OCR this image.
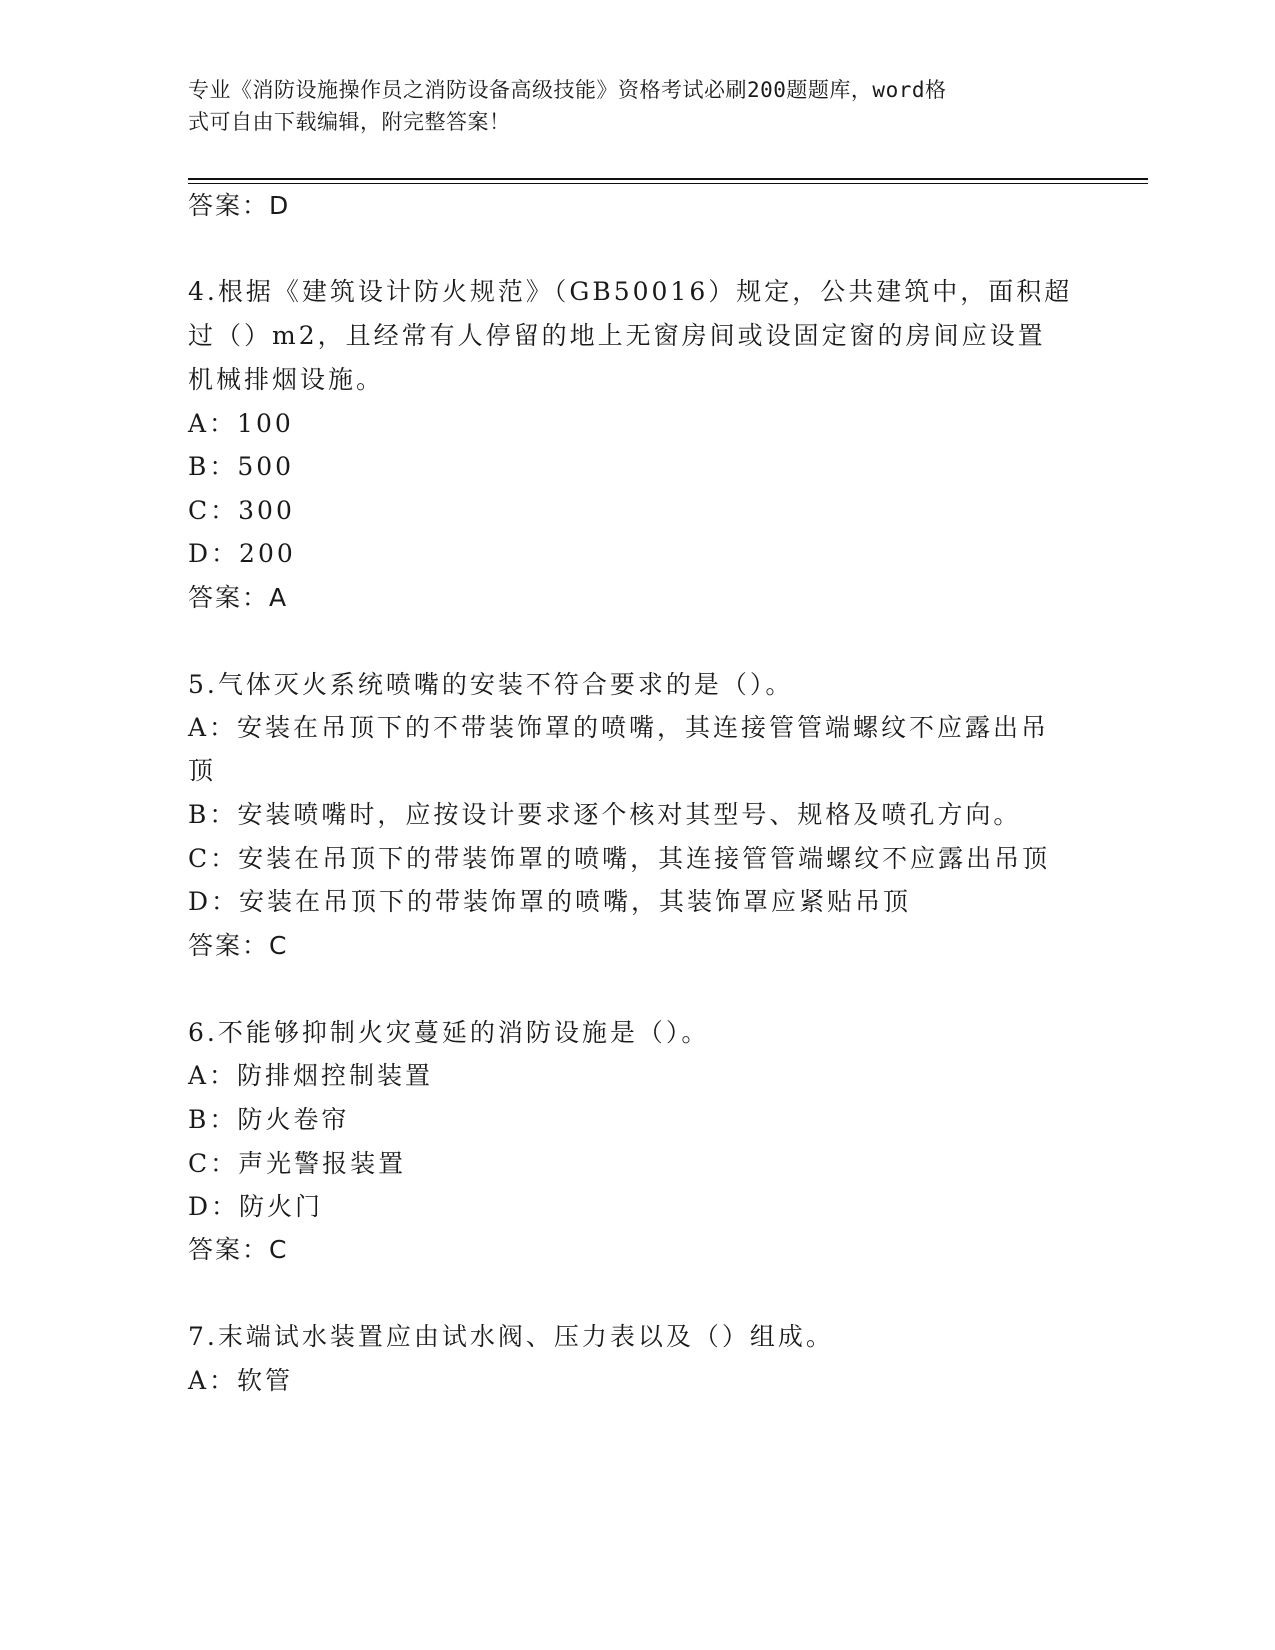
专业《消防设施操作员之消防设备高级技能》资格考试必刷200题题库，word格
式可自由下载编辑，附完整答案！
答案：D
4.根据《建筑设计防火规范》（GB50016）规定，公共建筑中，面积超
过（）m2，且经常有人停留的地上无窗房间或设固定窗的房间应设置
机械排烟设施。
A：100
B：500
C：300
D：200
答案：A
5.气体灭火系统喷嘴的安装不符合要求的是（）。
A：安装在吊顶下的不带装饰罩的喷嘴，其连接管管端螺纹不应露出吊
顶
B：安装喷嘴时，应按设计要求逐个核对其型号、规格及喷孔方向。
C：安装在吊顶下的带装饰罩的喷嘴，其连接管管端螺纹不应露出吊顶
D：安装在吊顶下的带装饰罩的喷嘴，其装饰罩应紧贴吊顶
答案：C
6.不能够抑制火灾蔓延的消防设施是（）。
A：防排烟控制装置
B：防火卷帘
C：声光警报装置
D：防火门
答案：C
7.末端试水装置应由试水阀、压力表以及（）组成。
A：软管
